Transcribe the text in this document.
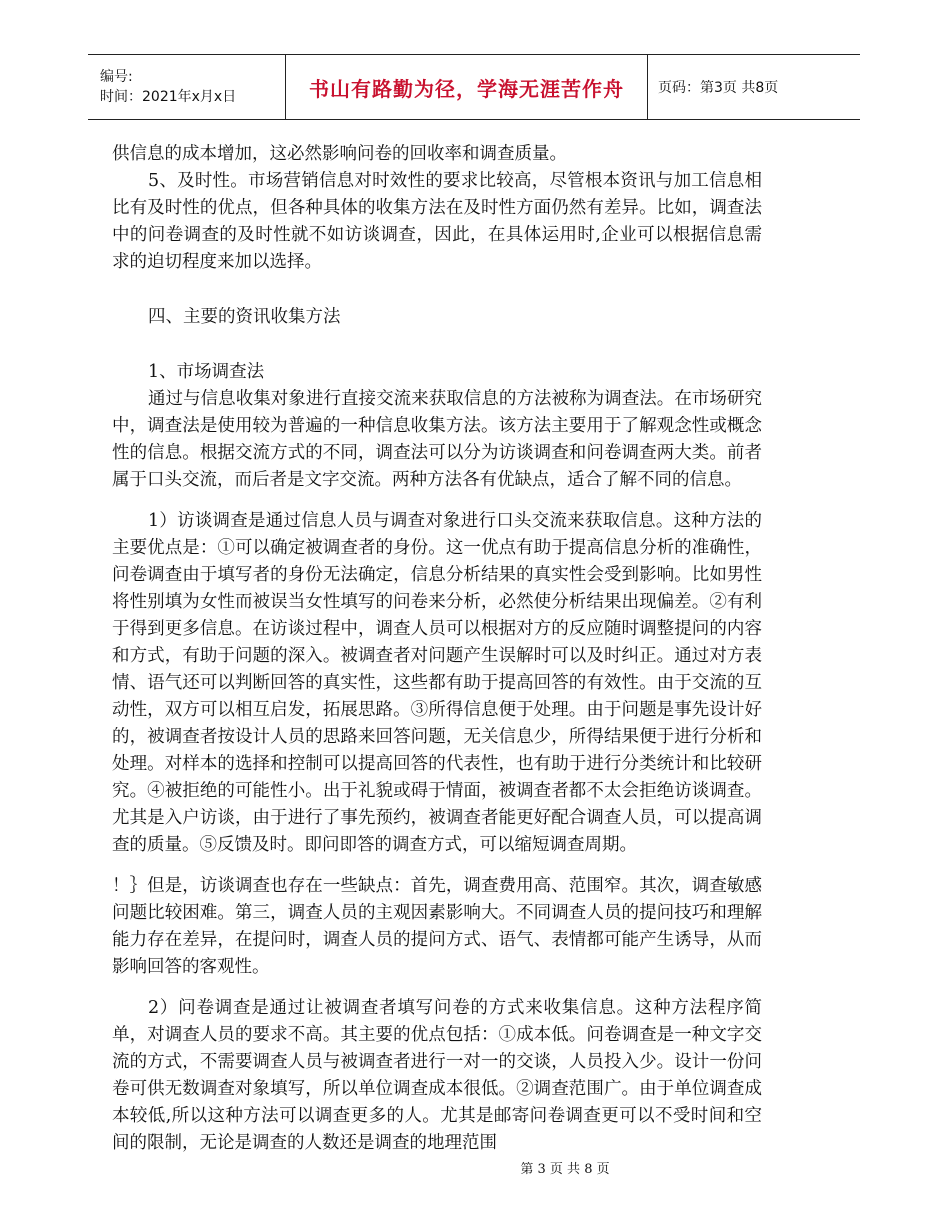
编号:
时间：2021年x月x日	书山有路勤为径，学海无涯苦作舟	页码：第3页 共8页

供信息的成本增加，这必然影响问卷的回收率和调查质量。

5、及时性。市场营销信息对时效性的要求比较高，尽管根本资讯与加工信息相比有及时性的优点，但各种具体的收集方法在及时性方面仍然有差异。比如，调查法中的问卷调查的及时性就不如访谈调查，因此，在具体运用时,企业可以根据信息需求的迫切程度来加以选择。

四、主要的资讯收集方法

1、市场调查法

通过与信息收集对象进行直接交流来获取信息的方法被称为调查法。在市场研究中，调查法是使用较为普遍的一种信息收集方法。该方法主要用于了解观念性或概念性的信息。根据交流方式的不同，调查法可以分为访谈调查和问卷调查两大类。前者属于口头交流，而后者是文字交流。两种方法各有优缺点，适合了解不同的信息。

1）访谈调查是通过信息人员与调查对象进行口头交流来获取信息。这种方法的主要优点是：①可以确定被调查者的身份。这一优点有助于提高信息分析的准确性，问卷调查由于填写者的身份无法确定，信息分析结果的真实性会受到影响。比如男性将性别填为女性而被误当女性填写的问卷来分析，必然使分析结果出现偏差。②有利于得到更多信息。在访谈过程中，调查人员可以根据对方的反应随时调整提问的内容和方式，有助于问题的深入。被调查者对问题产生误解时可以及时纠正。通过对方表情、语气还可以判断回答的真实性，这些都有助于提高回答的有效性。由于交流的互动性，双方可以相互启发，拓展思路。③所得信息便于处理。由于问题是事先设计好的，被调查者按设计人员的思路来回答问题，无关信息少，所得结果便于进行分析和处理。对样本的选择和控制可以提高回答的代表性，也有助于进行分类统计和比较研究。④被拒绝的可能性小。出于礼貌或碍于情面，被调查者都不太会拒绝访谈调查。尤其是入户访谈，由于进行了事先预约，被调查者能更好配合调查人员，可以提高调查的质量。⑤反馈及时。即问即答的调查方式，可以缩短调查周期。

！｝但是，访谈调查也存在一些缺点：首先，调查费用高、范围窄。其次，调查敏感问题比较困难。第三，调查人员的主观因素影响大。不同调查人员的提问技巧和理解能力存在差异，在提问时，调查人员的提问方式、语气、表情都可能产生诱导，从而影响回答的客观性。

2）问卷调查是通过让被调查者填写问卷的方式来收集信息。这种方法程序简单，对调查人员的要求不高。其主要的优点包括：①成本低。问卷调查是一种文字交流的方式，不需要调查人员与被调查者进行一对一的交谈，人员投入少。设计一份问卷可供无数调查对象填写，所以单位调查成本很低。②调查范围广。由于单位调查成本较低,所以这种方法可以调查更多的人。尤其是邮寄问卷调查更可以不受时间和空间的限制，无论是调查的人数还是调查的地理范围

第 3 页 共 8 页
